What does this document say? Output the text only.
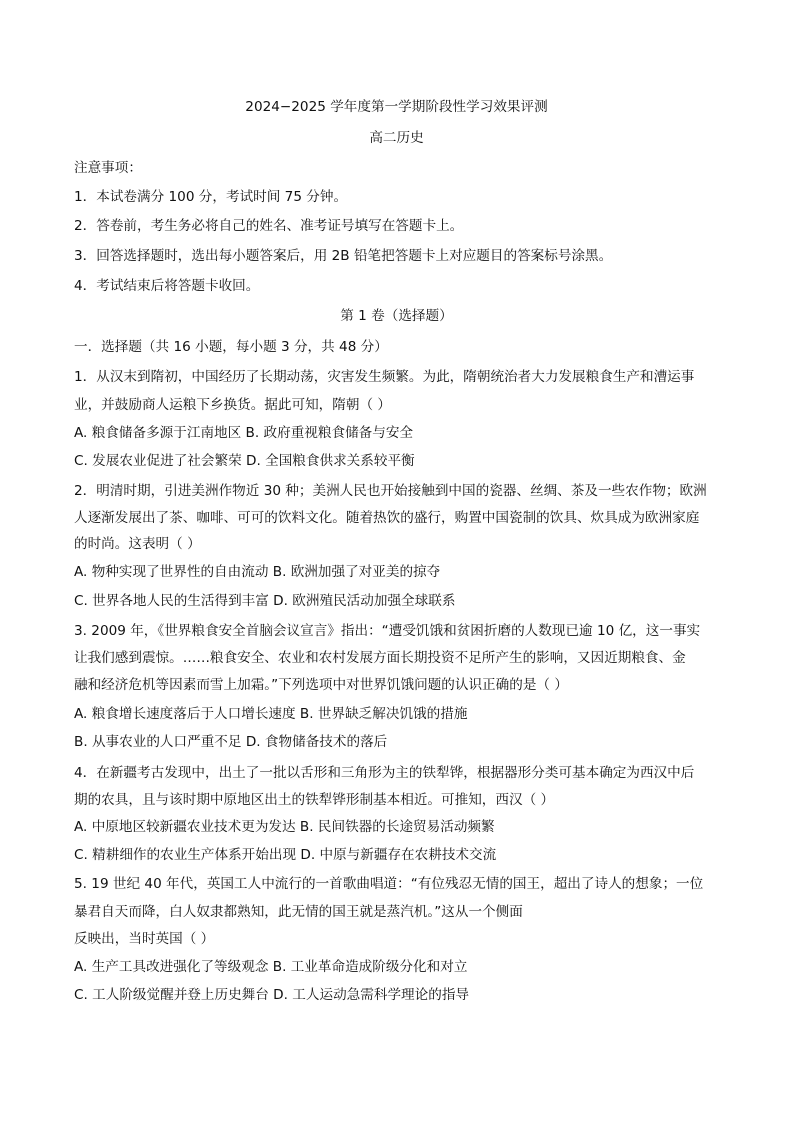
2024−2025 学年度第一学期阶段性学习效果评测
高二历史
注意事项：
1．本试卷满分 100 分，考试时间 75 分钟。
2．答卷前，考生务必将自己的姓名、准考证号填写在答题卡上。
3．回答选择题时，选出每小题答案后，用 2B 铅笔把答题卡上对应题目的答案标号涂黑。
4．考试结束后将答题卡收回。
第 1 卷（选择题）
一．选择题（共 16 小题，每小题 3 分，共 48 分）
1．从汉末到隋初，中国经历了长期动荡，灾害发生频繁。为此，隋朝统治者大力发展粮食生产和漕运事
业，并鼓励商人运粮下乡换货。据此可知，隋朝（ ）
A. 粮食储备多源于江南地区 B. 政府重视粮食储备与安全
C. 发展农业促进了社会繁荣 D. 全国粮食供求关系较平衡
2．明清时期，引进美洲作物近 30 种；美洲人民也开始接触到中国的瓷器、丝绸、茶及一些农作物；欧洲
人逐渐发展出了茶、咖啡、可可的饮料文化。随着热饮的盛行，购置中国瓷制的饮具、炊具成为欧洲家庭
的时尚。这表明（ ）
A. 物种实现了世界性的自由流动 B. 欧洲加强了对亚美的掠夺
C. 世界各地人民的生活得到丰富 D. 欧洲殖民活动加强全球联系
3. 2009 年，《世界粮食安全首脑会议宣言》指出：“遭受饥饿和贫困折磨的人数现已逾 10 亿，这一事实
让我们感到震惊。……粮食安全、农业和农村发展方面长期投资不足所产生的影响，又因近期粮食、金
融和经济危机等因素而雪上加霜。”下列选项中对世界饥饿问题的认识正确的是（ ）
A. 粮食增长速度落后于人口增长速度 B. 世界缺乏解决饥饿的措施
B. 从事农业的人口严重不足 D. 食物储备技术的落后
4．在新疆考古发现中，出土了一批以舌形和三角形为主的铁犁铧，根据器形分类可基本确定为西汉中后
期的农具，且与该时期中原地区出土的铁犁铧形制基本相近。可推知，西汉（ ）
A. 中原地区较新疆农业技术更为发达 B. 民间铁器的长途贸易活动频繁
C. 精耕细作的农业生产体系开始出现 D. 中原与新疆存在农耕技术交流
5. 19 世纪 40 年代，英国工人中流行的一首歌曲唱道：“有位残忍无情的国王，超出了诗人的想象；一位
暴君自天而降，白人奴隶都熟知，此无情的国王就是蒸汽机。”这从一个侧面
反映出，当时英国（ ）
A. 生产工具改进强化了等级观念 B. 工业革命造成阶级分化和对立
C. 工人阶级觉醒并登上历史舞台 D. 工人运动急需科学理论的指导
